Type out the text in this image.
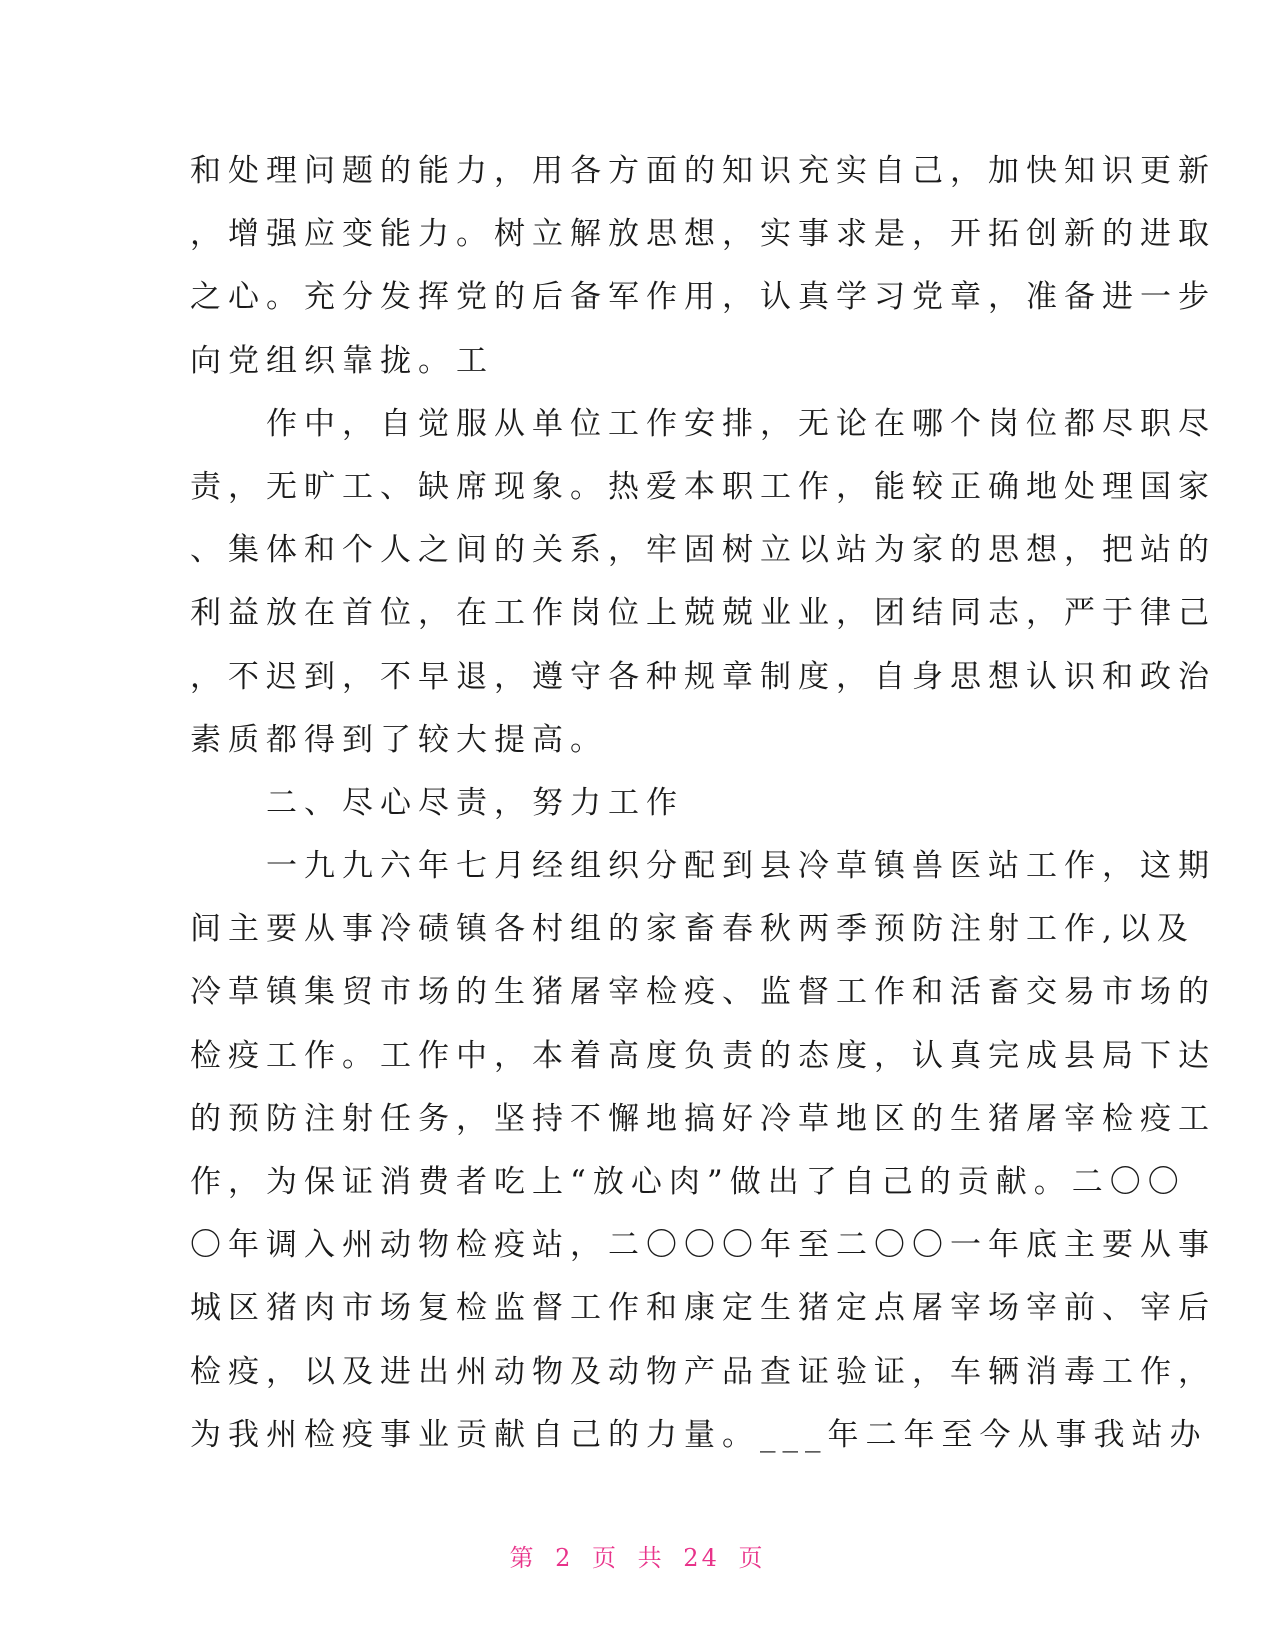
和处理问题的能力，用各方面的知识充实自己，加快知识更新
，增强应变能力。树立解放思想，实事求是，开拓创新的进取
之心。充分发挥党的后备军作用，认真学习党章，准备进一步
向党组织靠拢。工
　　作中，自觉服从单位工作安排，无论在哪个岗位都尽职尽
责，无旷工、缺席现象。热爱本职工作，能较正确地处理国家
、集体和个人之间的关系，牢固树立以站为家的思想，把站的
利益放在首位，在工作岗位上兢兢业业，团结同志，严于律己
，不迟到，不早退，遵守各种规章制度，自身思想认识和政治
素质都得到了较大提高。
　　二、尽心尽责，努力工作
　　一九九六年七月经组织分配到县冷草镇兽医站工作，这期
间主要从事冷碛镇各村组的家畜春秋两季预防注射工作,以及
冷草镇集贸市场的生猪屠宰检疫、监督工作和活畜交易市场的
检疫工作。工作中，本着高度负责的态度，认真完成县局下达
的预防注射任务，坚持不懈地搞好冷草地区的生猪屠宰检疫工
作，为保证消费者吃上“放心肉”做出了自己的贡献。二〇〇
〇年调入州动物检疫站，二〇〇〇年至二〇〇一年底主要从事
城区猪肉市场复检监督工作和康定生猪定点屠宰场宰前、宰后
检疫，以及进出州动物及动物产品查证验证，车辆消毒工作，
为我州检疫事业贡献自己的力量。___年二年至今从事我站办
第 2 页 共 24 页
